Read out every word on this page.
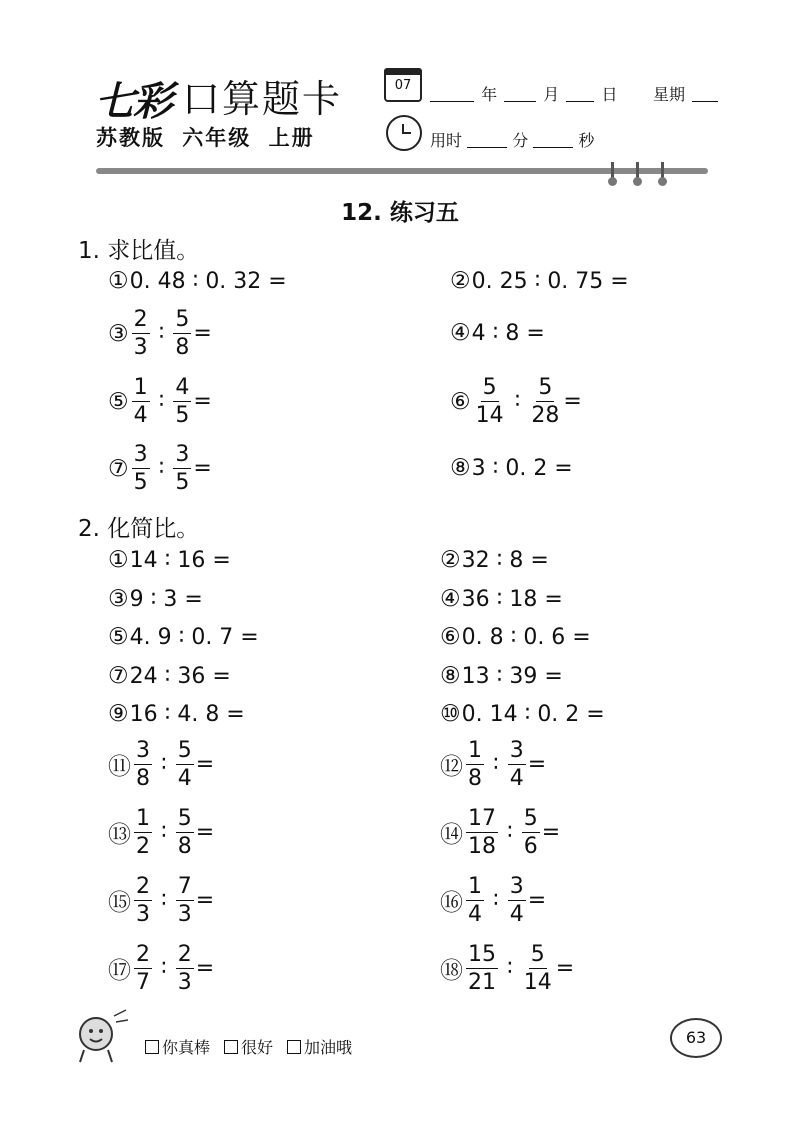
七彩 口算题卡
苏教版 六年级 上册
07	年	月	日 星期
用时	分	秒
12. 练习五
1. 求比值。
① 0. 48 ∶ 0. 32 =	② 0. 25 ∶ 0. 75 =
③ $\frac{2}{3}$ ∶ $\frac{5}{8}$ =	④ 4 ∶ 8 =
⑤ $\frac{1}{4}$ ∶ $\frac{4}{5}$ =	⑥ $\frac{5}{14}$ ∶ $\frac{5}{28}$ =
⑦ $\frac{3}{5}$ ∶ $\frac{3}{5}$ =	⑧ 3 ∶ 0. 2 =
2. 化简比。
① 14 ∶ 16 =	② 32 ∶ 8 =
③ 9 ∶ 3 =	④ 36 ∶ 18 =
⑤ 4. 9 ∶ 0. 7 =	⑥ 0. 8 ∶ 0. 6 =
⑦ 24 ∶ 36 =	⑧ 13 ∶ 39 =
⑨ 16 ∶ 4. 8 =	⑩ 0. 14 ∶ 0. 2 =
⑪ $\frac{3}{8}$ ∶ $\frac{5}{4}$ =	⑫ $\frac{1}{8}$ ∶ $\frac{3}{4}$ =
⑬ $\frac{1}{2}$ ∶ $\frac{5}{8}$ =	⑭ $\frac{17}{18}$ ∶ $\frac{5}{6}$ =
⑮ $\frac{2}{3}$ ∶ $\frac{7}{3}$ =	⑯ $\frac{1}{4}$ ∶ $\frac{3}{4}$ =
⑰ $\frac{2}{7}$ ∶ $\frac{2}{3}$ =	⑱ $\frac{15}{21}$ ∶ $\frac{5}{14}$ =
你真棒	很好	加油哦
63
